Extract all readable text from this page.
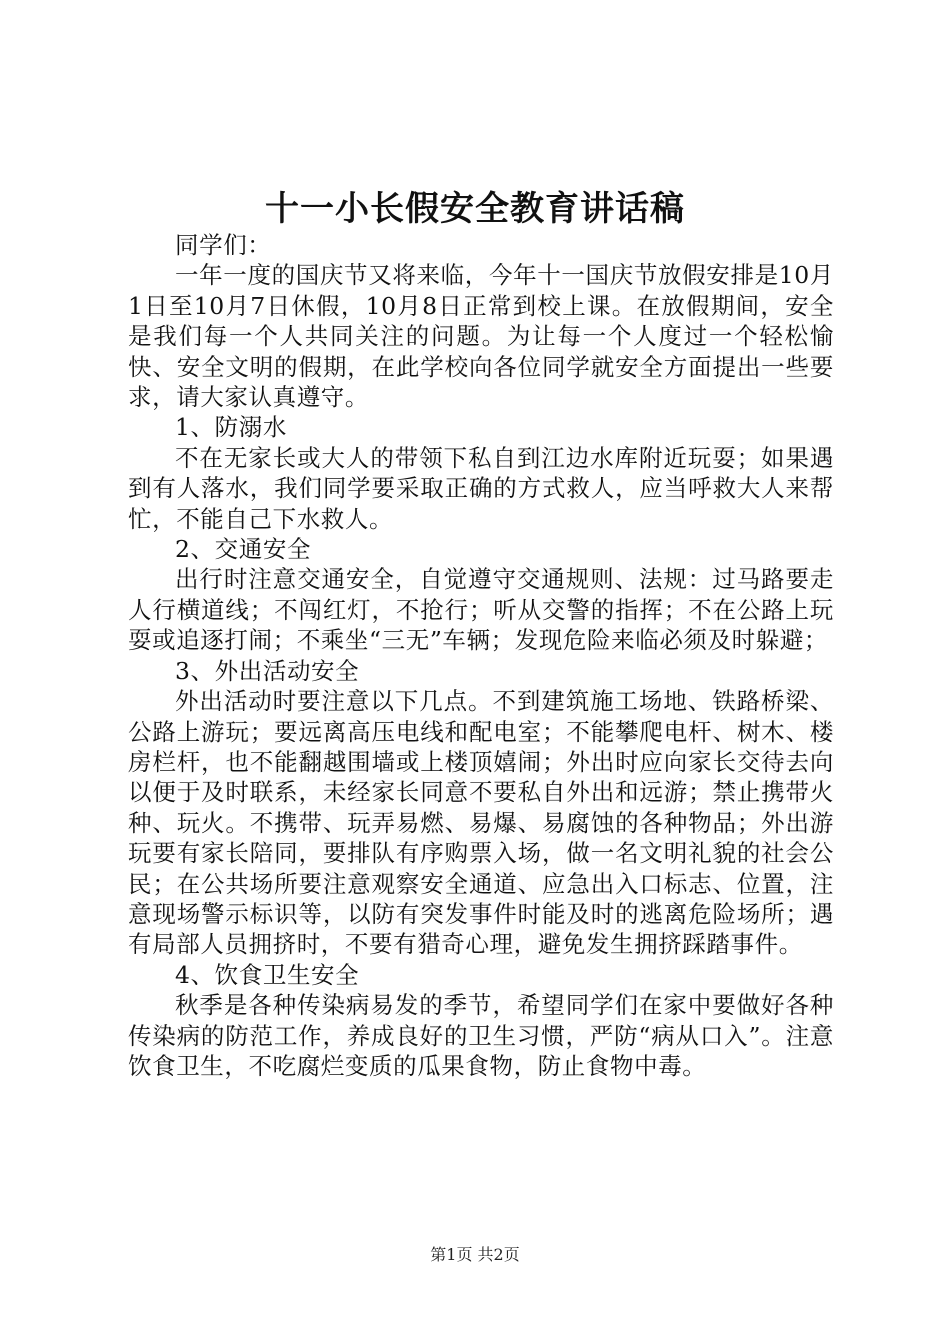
十一小长假安全教育讲话稿

同学们：

一年一度的国庆节又将来临，今年十一国庆节放假安排是10月1日至10月7日休假，10月8日正常到校上课。在放假期间，安全是我们每一个人共同关注的问题。为让每一个人度过一个轻松愉快、安全文明的假期，在此学校向各位同学就安全方面提出一些要求，请大家认真遵守。

1、防溺水

不在无家长或大人的带领下私自到江边水库附近玩耍；如果遇到有人落水，我们同学要采取正确的方式救人，应当呼救大人来帮忙，不能自己下水救人。

2、交通安全

出行时注意交通安全，自觉遵守交通规则、法规：过马路要走人行横道线；不闯红灯，不抢行；听从交警的指挥；不在公路上玩耍或追逐打闹；不乘坐“三无”车辆；发现危险来临必须及时躲避；

3、外出活动安全

外出活动时要注意以下几点。不到建筑施工场地、铁路桥梁、公路上游玩；要远离高压电线和配电室；不能攀爬电杆、树木、楼房栏杆，也不能翻越围墙或上楼顶嬉闹；外出时应向家长交待去向以便于及时联系，未经家长同意不要私自外出和远游；禁止携带火种、玩火。不携带、玩弄易燃、易爆、易腐蚀的各种物品；外出游玩要有家长陪同，要排队有序购票入场，做一名文明礼貌的社会公民；在公共场所要注意观察安全通道、应急出入口标志、位置，注意现场警示标识等，以防有突发事件时能及时的逃离危险场所；遇有局部人员拥挤时，不要有猎奇心理，避免发生拥挤踩踏事件。

4、饮食卫生安全

秋季是各种传染病易发的季节，希望同学们在家中要做好各种传染病的防范工作，养成良好的卫生习惯，严防“病从口入”。注意饮食卫生，不吃腐烂变质的瓜果食物，防止食物中毒。

第1页 共2页
